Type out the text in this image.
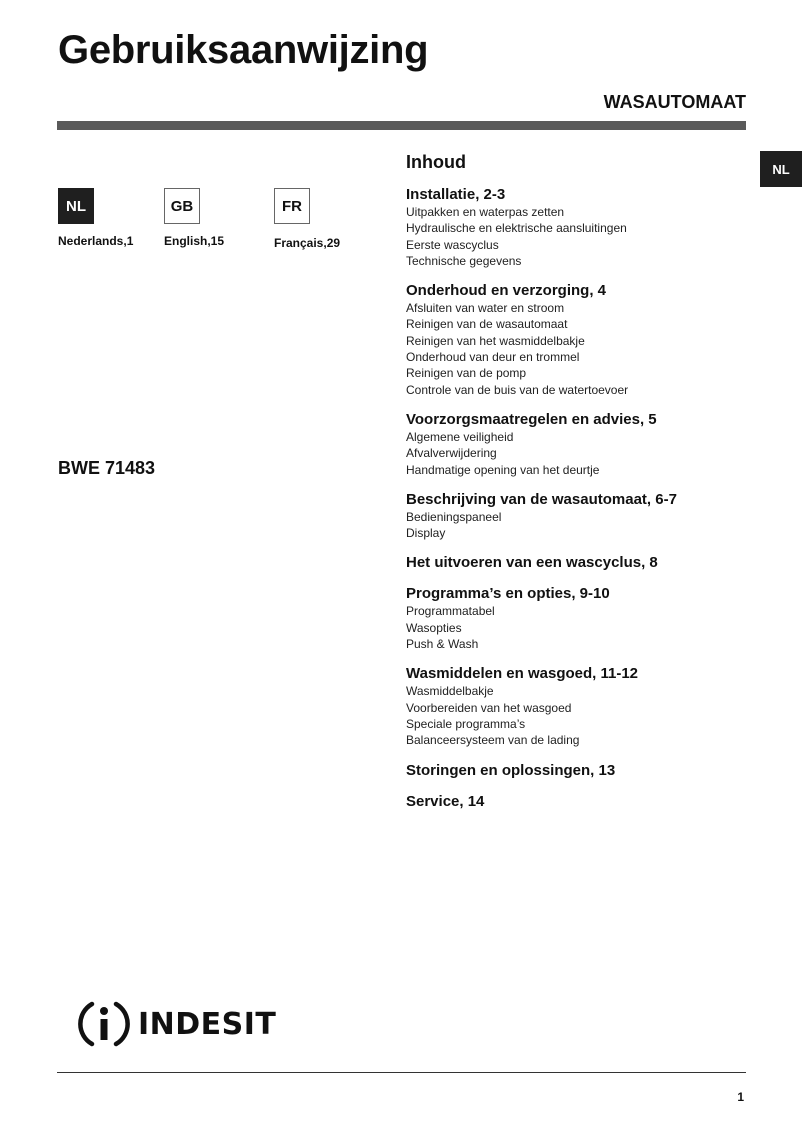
Gebruiksaanwijzing
WASAUTOMAAT
NL
NL
Nederlands,1
GB
English,15
FR
Français,29
BWE 71483
Inhoud
Installatie, 2-3
Uitpakken en waterpas zetten
Hydraulische en elektrische aansluitingen
Eerste wascyclus
Technische gegevens
Onderhoud en verzorging, 4
Afsluiten van water en stroom
Reinigen van de wasautomaat
Reinigen van het wasmiddelbakje
Onderhoud van deur en trommel
Reinigen van de pomp
Controle van de buis van de watertoevoer
Voorzorgsmaatregelen en advies, 5
Algemene veiligheid
Afvalverwijdering
Handmatige opening van het deurtje
Beschrijving van de wasautomaat, 6-7
Bedieningspaneel
Display
Het uitvoeren van een wascyclus, 8
Programma’s en opties, 9-10
Programmatabel
Wasopties
Push & Wash
Wasmiddelen en wasgoed, 11-12
Wasmiddelbakje
Voorbereiden van het wasgoed
Speciale programma’s
Balanceersysteem van de lading
Storingen en oplossingen, 13
Service, 14
INDESIT
1
